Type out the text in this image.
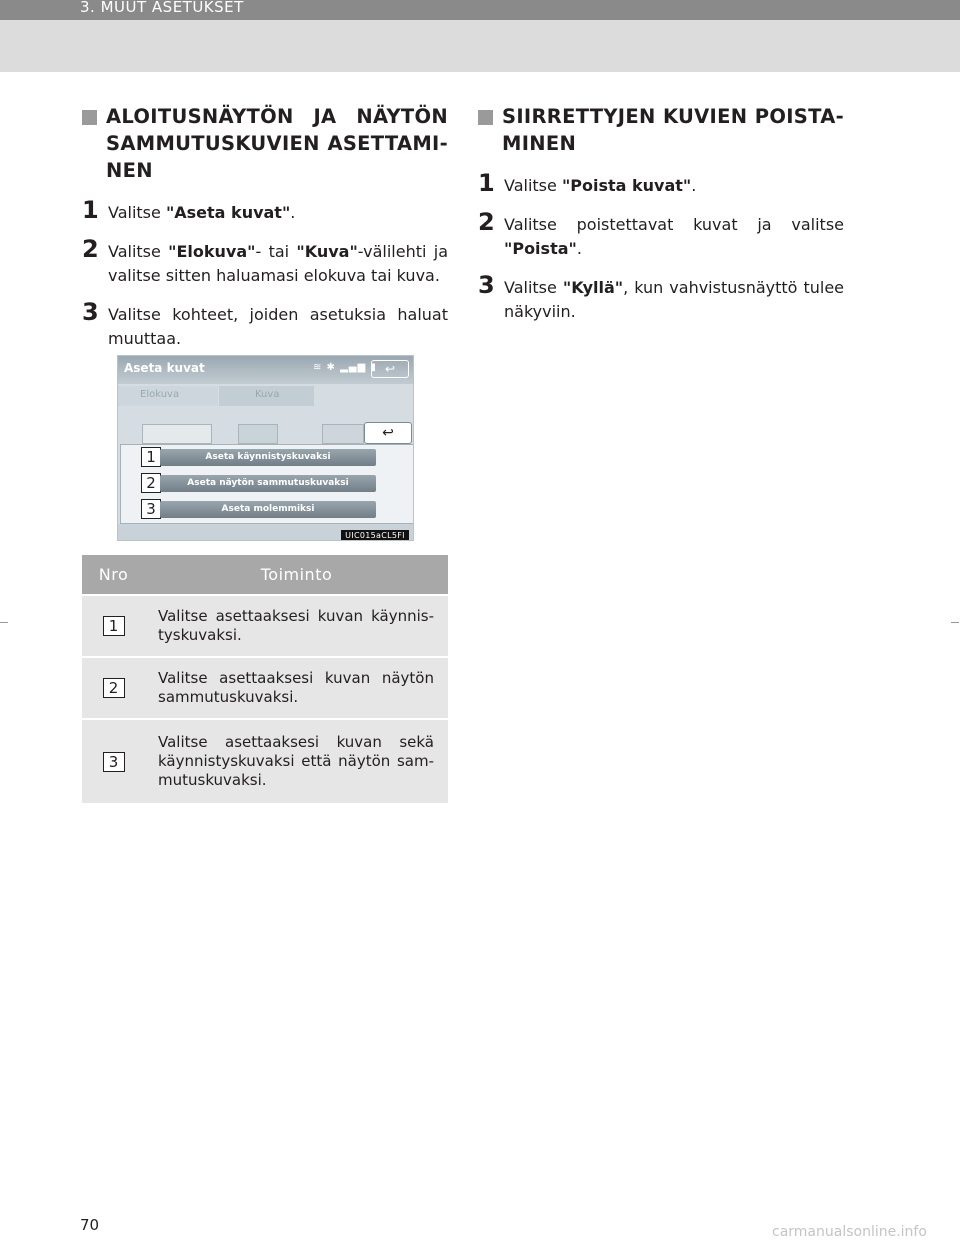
3. MUUT ASETUKSET
ALOITUSNÄYTÖN JA NÄYTÖN SAMMUTUSKUVIEN ASETTAMI-NEN
1 Valitse "Aseta kuvat".
2 Valitse "Elokuva"- tai "Kuva"-välilehti ja valitse sitten haluamasi elokuva tai kuva.
3 Valitse kohteet, joiden asetuksia haluat muuttaa.
Aseta kuvat	≋ ✱ ▂▄▆ ▮ ↩
Elokuva	Kuva
↩
1	Aseta käynnistyskuvaksi
2	Aseta näytön sammutuskuvaksi
3	Aseta molemmiksi
UIC015aCL5FI
Nro	Toiminto
1	Valitse asettaaksesi kuvan käynnis-tyskuvaksi.
2	Valitse asettaaksesi kuvan näytön sammutuskuvaksi.
3	Valitse asettaaksesi kuvan sekä käynnistyskuvaksi että näytön sam-mutuskuvaksi.
SIIRRETTYJEN KUVIEN POISTA-MINEN
1 Valitse "Poista kuvat".
2 Valitse poistettavat kuvat ja valitse "Poista".
3 Valitse "Kyllä", kun vahvistusnäyttö tulee näkyviin.
70	carmanualsonline.info
